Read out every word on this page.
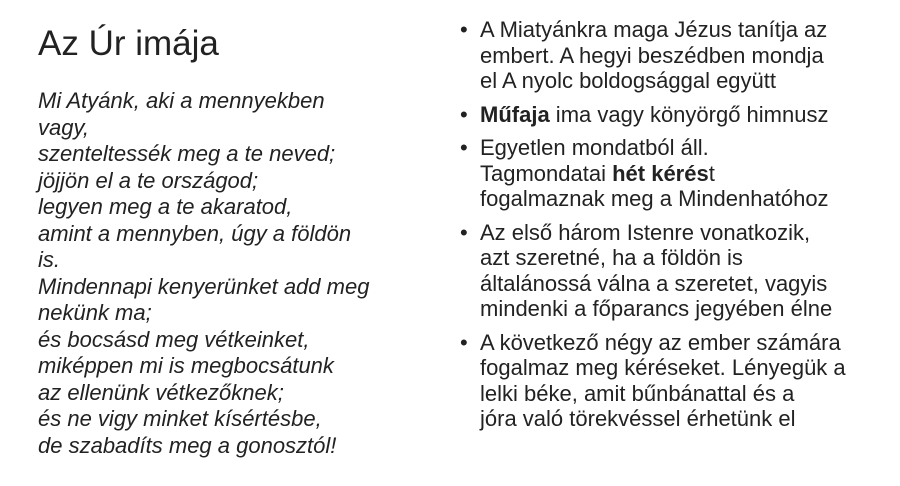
Az Úr imája
Mi Atyánk, aki a mennyekben
vagy,
szenteltessék meg a te neved;
jöjjön el a te országod;
legyen meg a te akaratod,
amint a mennyben, úgy a földön
is.
Mindennapi kenyerünket add meg
nekünk ma;
és bocsásd meg vétkeinket,
miképpen mi is megbocsátunk
az ellenünk vétkezőknek;
és ne vigy minket kísértésbe,
de szabadíts meg a gonosztól!
• A Miatyánkra maga Jézus tanítja az
embert. A hegyi beszédben mondja
el A nyolc boldogsággal együtt
• Műfaja ima vagy könyörgő himnusz
• Egyetlen mondatból áll.
Tagmondatai hét kérést
fogalmaznak meg a Mindenhatóhoz
• Az első három Istenre vonatkozik,
azt szeretné, ha a földön is
általánossá válna a szeretet, vagyis
mindenki a főparancs jegyében élne
• A következő négy az ember számára
fogalmaz meg kéréseket. Lényegük a
lelki béke, amit bűnbánattal és a
jóra való törekvéssel érhetünk el
